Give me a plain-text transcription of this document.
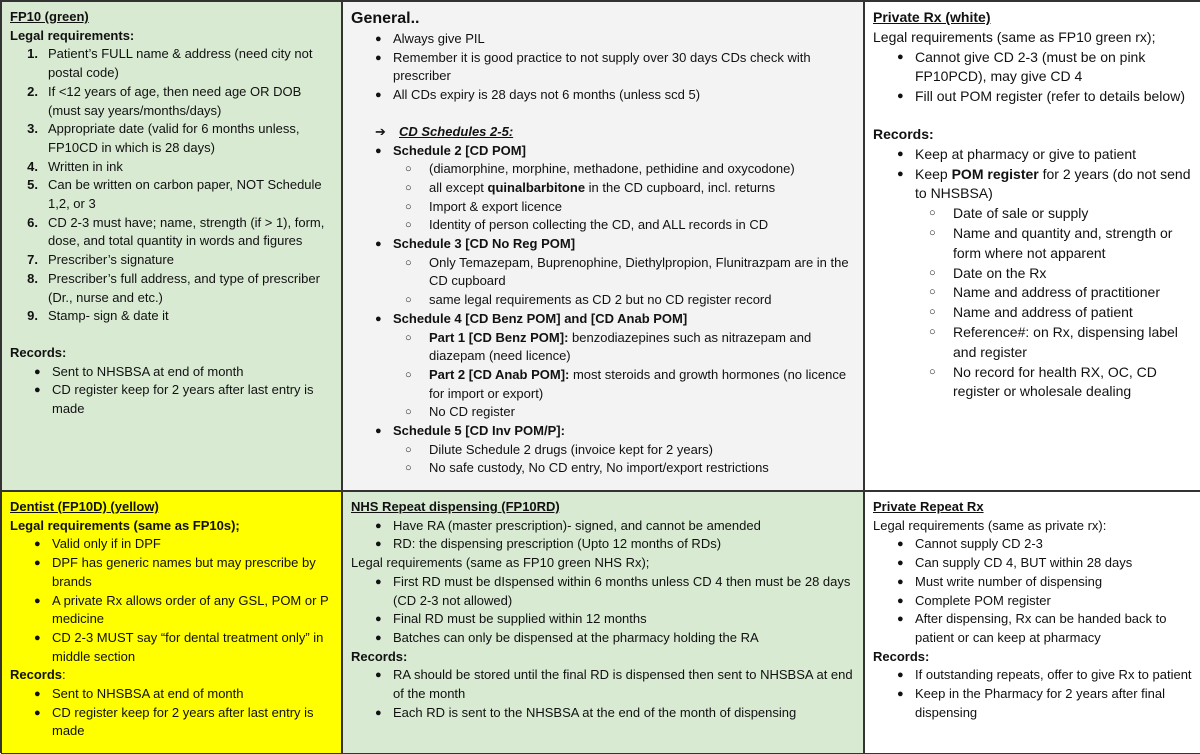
FP10 (green)
Legal requirements:
1. Patient’s FULL name & address (need city not postal code)
2. If <12 years of age, then need age OR DOB (must say years/months/days)
3. Appropriate date (valid for 6 months unless, FP10CD in which is 28 days)
4. Written in ink
5. Can be written on carbon paper, NOT Schedule 1,2, or 3
6. CD 2-3 must have; name, strength (if > 1), form, dose, and total quantity in words and figures
7. Prescriber’s signature
8. Prescriber’s full address, and type of prescriber (Dr., nurse and etc.)
9. Stamp- sign & date it
Records:
● Sent to NHSBSA at end of month
● CD register keep for 2 years after last entry is made
General..
● Always give PIL
● Remember it is good practice to not supply over 30 days CDs check with prescriber
● All CDs expiry is 28 days not 6 months (unless scd 5)
➔	CD Schedules 2-5:
● Schedule 2 [CD POM]
○	(diamorphine, morphine, methadone, pethidine and oxycodone)
○	all except quinalbarbitone in the CD cupboard, incl. returns
○	Import & export licence
○	Identity of person collecting the CD, and ALL records in CD
● Schedule 3 [CD No Reg POM]
○	Only Temazepam, Buprenophine, Diethylpropion, Flunitrazpam are in the CD cupboard
○	same legal requirements as CD 2 but no CD register record
● Schedule 4 [CD Benz POM] and [CD Anab POM]
○	Part 1 [CD Benz POM]: benzodiazepines such as nitrazepam and diazepam (need licence)
○	Part 2 [CD Anab POM]: most steroids and growth hormones (no licence for import or export)
○	No CD register
● Schedule 5 [CD Inv POM/P]:
○	Dilute Schedule 2 drugs (invoice kept for 2 years)
○	No safe custody, No CD entry, No import/export restrictions
Private Rx (white)
Legal requirements (same as FP10 green rx);
● Cannot give CD 2-3 (must be on pink FP10PCD), may give CD 4
● Fill out POM register (refer to details below)
Records:
● Keep at pharmacy or give to patient
● Keep POM register for 2 years (do not send to NHSBSA)
○	Date of sale or supply
○	Name and quantity and, strength or form where not apparent
○	Date on the Rx
○	Name and address of practitioner
○	Name and address of patient
○	Reference#: on Rx, dispensing label and register
○	No record for health RX, OC, CD register or wholesale dealing
Dentist (FP10D) (yellow)
Legal requirements (same as FP10s);
● Valid only if in DPF
● DPF has generic names but may prescribe by brands
● A private Rx allows order of any GSL, POM or P medicine
● CD 2-3 MUST say “for dental treatment only” in middle section
Records:
● Sent to NHSBSA at end of month
● CD register keep for 2 years after last entry is made
NHS Repeat dispensing (FP10RD)
● Have RA (master prescription)- signed, and cannot be amended
● RD: the dispensing prescription (Upto 12 months of RDs)
Legal requirements (same as FP10 green NHS Rx);
● First RD must be dIspensed within 6 months unless CD 4 then must be 28 days (CD 2-3 not allowed)
● Final RD must be supplied within 12 months
● Batches can only be dispensed at the pharmacy holding the RA
Records:
● RA should be stored until the final RD is dispensed then sent to NHSBSA at end of the month
● Each RD is sent to the NHSBSA at the end of the month of dispensing
Private Repeat Rx
Legal requirements (same as private rx):
● Cannot supply CD 2-3
● Can supply CD 4, BUT within 28 days
● Must write number of dispensing
● Complete POM register
● After dispensing, Rx can be handed back to patient or can keep at pharmacy
Records:
● If outstanding repeats, offer to give Rx to patient
● Keep in the Pharmacy for 2 years after final dispensing
